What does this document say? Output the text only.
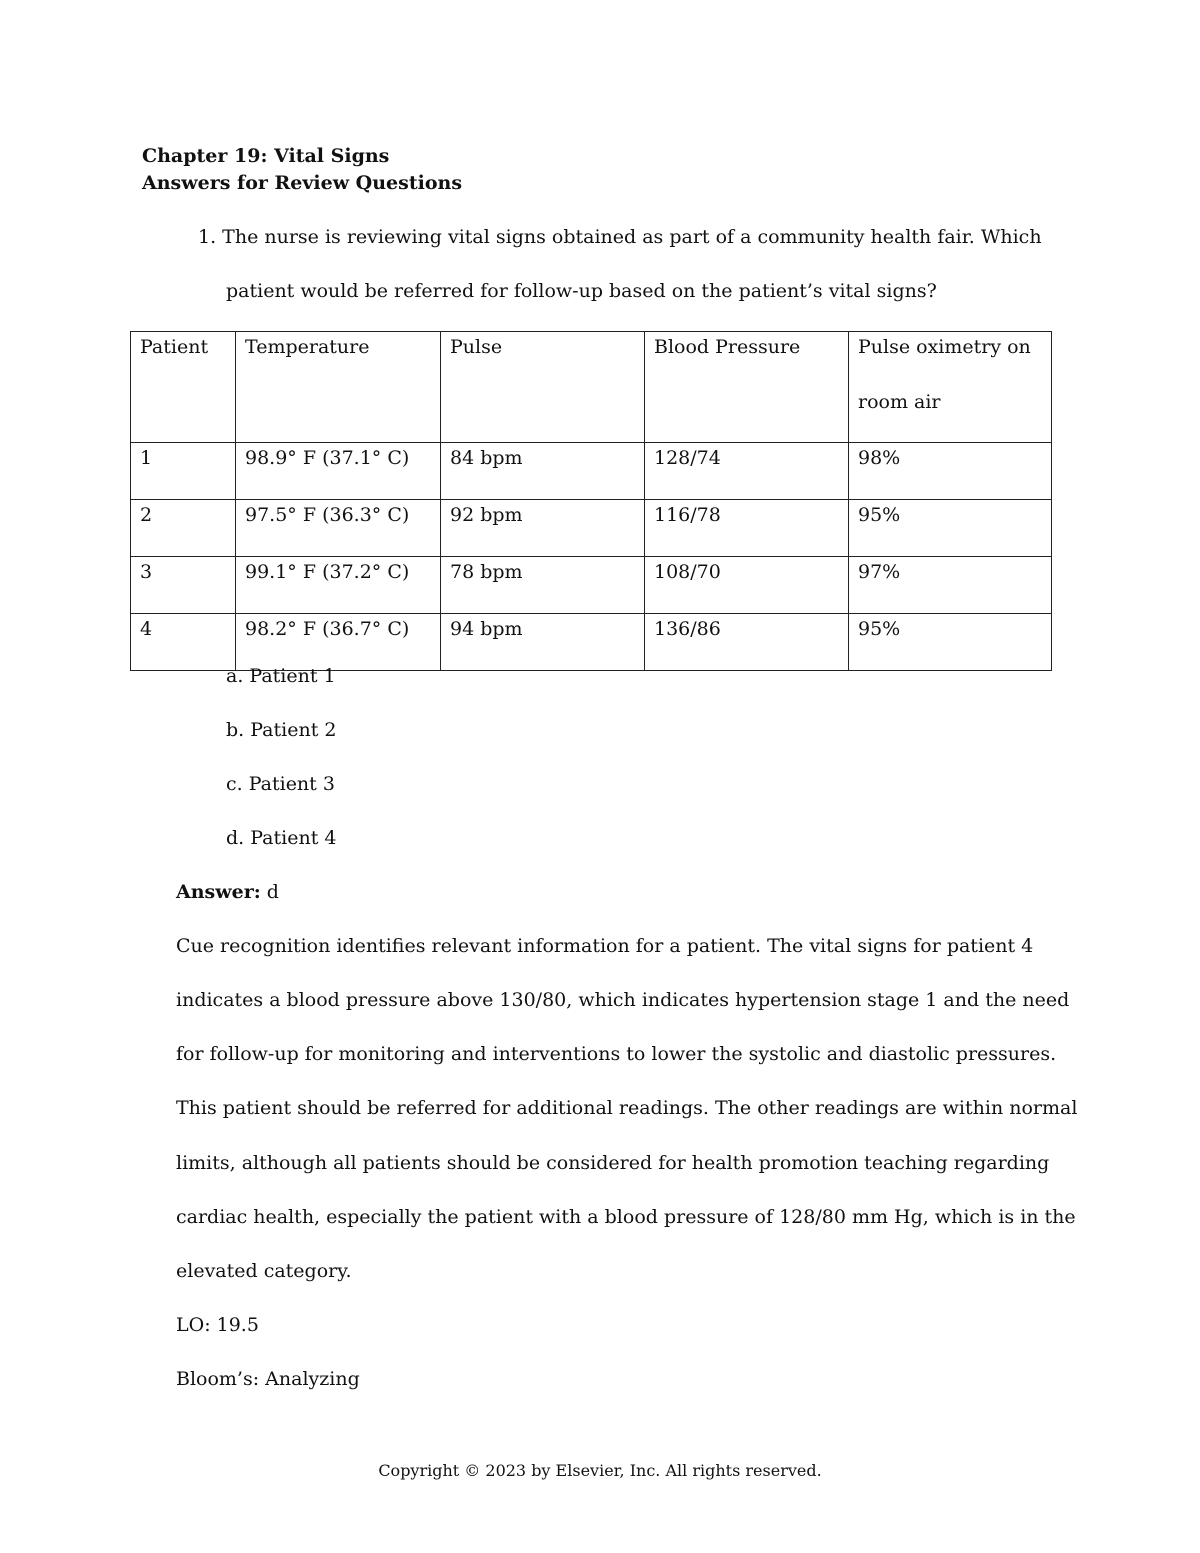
Chapter 19: Vital Signs
Answers for Review Questions
1. The nurse is reviewing vital signs obtained as part of a community health fair. Which
patient would be referred for follow-up based on the patient’s vital signs?
Patient	Temperature	Pulse	Blood Pressure	Pulse oximetry on
room air

1	98.9° F (37.1° C)	84 bpm	128/74	98%
2	97.5° F (36.3° C)	92 bpm	116/78	95%
3	99.1° F (37.2° C)	78 bpm	108/70	97%
4	98.2° F (36.7° C)	94 bpm	136/86	95%
a. Patient 1
b. Patient 2
c. Patient 3
d. Patient 4
Answer: d
Cue recognition identifies relevant information for a patient. The vital signs for patient 4
indicates a blood pressure above 130/80, which indicates hypertension stage 1 and the need
for follow-up for monitoring and interventions to lower the systolic and diastolic pressures.
This patient should be referred for additional readings. The other readings are within normal
limits, although all patients should be considered for health promotion teaching regarding
cardiac health, especially the patient with a blood pressure of 128/80 mm Hg, which is in the
elevated category.
LO: 19.5
Bloom’s: Analyzing
Copyright © 2023 by Elsevier, Inc. All rights reserved.
